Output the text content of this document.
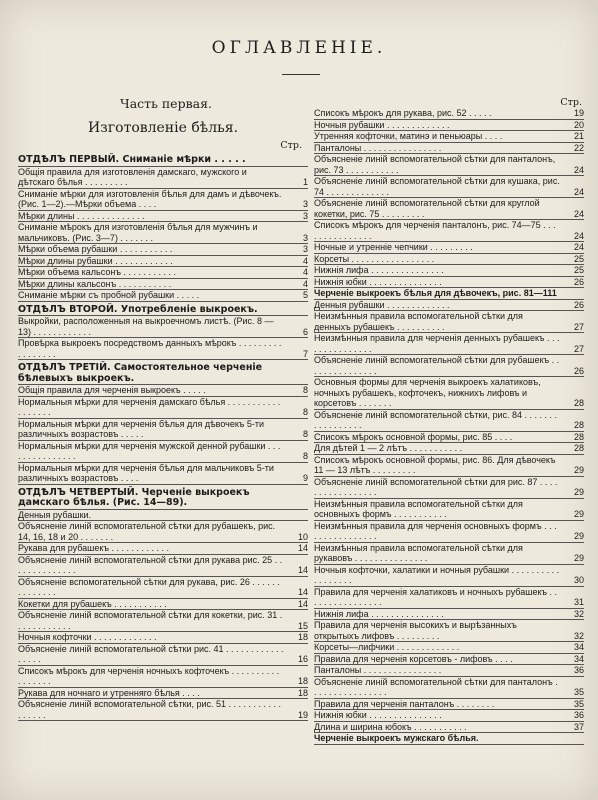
ОГЛАВЛЕНІЕ.
Часть первая.
Изготовленіе бѣлья.
Стр.
ОТДѢЛЪ ПЕРВЫЙ. Сниманіе мѣрки . . . . .
Общія правила для изготовленія дамскаго, мужского и дѣтскаго бѣлья . . . . . . . . .	1
Сниманіе мѣрки для изготовленія бѣлья для дамъ и дѣвочекъ. (Рис. 1—2).—Мѣрки объема . . . .	3
Мѣрки длины . . . . . . . . . . . . . .	3
Сниманіе мѣрокъ для изготовленія бѣлья для мужчинъ и мальчиковъ. (Рис. 3—7) . . . . . . .	3
Мѣрки объема рубашки . . . . . . . . . . .	3
Мѣрки длины рубашки . . . . . . . . . . . .	4
Мѣрки объема кальсонъ . . . . . . . . . . .	4
Мѣрки длины кальсонъ . . . . . . . . . . .	4
Сниманіе мѣрки съ пробной рубашки . . . . .	5
ОТДѢЛЪ ВТОРОЙ. Употребленіе выкроекъ.
Выкройки, расположенныя на выкроечномъ листѣ. (Рис. 8 — 13) . . . . . . . . . . . .	6
Провѣрка выкроекъ посредствомъ данныхъ мѣрокъ . . . . . . . . . . . . . . . . .	7
ОТДѢЛЪ ТРЕТІЙ. Самостоятельное черченіе бѣлевыхъ выкроекъ.
Общія правила для черченія выкроекъ . . . . .	8
Нормальныя мѣрки для черченія дамскаго бѣлья . . . . . . . . . . . . . . . . . .	8
Нормальныя мѣрки для черченія бѣлья для дѣвочекъ 5-ти различныхъ возрастовъ . . . . .	8
Нормальныя мѣрки для черченія мужской денной рубашки . . . . . . . . . . . . . . .	8
Нормальныя мѣрки для черченія бѣлья для мальчиковъ 5-ти различныхъ возрастовъ . . . .	9
ОТДѢЛЪ ЧЕТВЕРТЫЙ. Черченіе выкроекъ дамскаго бѣлья. (Рис. 14—89).
Денныя рубашки.
Объясненіе линій вспомогательной сѣтки для рубашекъ, рис. 14, 16, 18 и 20 . . . . . . .	10
Рукава для рубашекъ . . . . . . . . . . . .	14
Объясненіе линій вспомогательной сѣтки для рукава рис. 25 . . . . . . . . . . . . . .	14
Объясненіе вспомогательной сѣтки для рукава, рис. 26 . . . . . . . . . . . . . .	14
Кокетки для рубашекъ . . . . . . . . . . .	14
Объясненіе линій вспомогательной сѣтки для кокетки, рис. 31 . . . . . . . . . . . .	15
Ночныя кофточки . . . . . . . . . . . . .	18
Объясненіе линій вспомогательной сѣтки рис. 41 . . . . . . . . . . . . . . . . .	16
Списокъ мѣрокъ для черченія ночныхъ кофточекъ . . . . . . . . . . . . . . . . .	18
Рукава для ночнаго и утренняго бѣлья . . . .	18
Объясненіе линій вспомогательной сѣтки, рис. 51 . . . . . . . . . . . . . . . . .	19
Стр.
Списокъ мѣрокъ для рукава, рис. 52 . . . . .	19
Ночныя рубашки . . . . . . . . . . . . .	20
Утренняя кофточки, матинэ и пеньюары . . . .	21
Панталоны . . . . . . . . . . . . . . . .	22
Объясненіе линій вспомогательной сѣтки для панталонъ, рис. 73 . . . . . . . . . . .	24
Объясненіе линій вспомогательной сѣтки для кушака, рис. 74 . . . . . . . . . . . . .	24
Объясненіе линій вспомогательной сѣтки для круглой кокетки, рис. 75 . . . . . . . . .	24
Списокъ мѣрокъ для черченія панталонъ, рис. 74—75 . . . . . . . . . . . . . . .	24
Ночные и утренніе чепчики . . . . . . . . .	24
Корсеты . . . . . . . . . . . . . . . . .	25
Нижнія лифа . . . . . . . . . . . . . . .	25
Нижнія юбки . . . . . . . . . . . . . . .	26
Черченіе выкроекъ бѣлья для дѣвочекъ, рис. 81—111
Денныя рубашки . . . . . . . . . . . . .	26
Неизмѣнныя правила вспомогательной сѣтки для денныхъ рубашекъ . . . . . . . . . .	27
Неизмѣнныя правила для черченія денныхъ рубашекъ . . . . . . . . . . . . . . .	27
Объясненіе линій вспомогательной сѣтки для рубашекъ . . . . . . . . . . . . . . .	26
Основныя формы для черченія выкроекъ халатиковъ, ночныхъ рубашекъ, кофточекъ, нижнихъ лифовъ и корсетовъ . . . . . . .	28
Объясненіе линій вспомогательной сѣтки, рис. 84 . . . . . . . . . . . . . . . . .	28
Списокъ мѣрокъ основной формы, рис. 85 . . . .	28
Для дѣтей 1 — 2 лѣтъ . . . . . . . . . . .	28
Списокъ мѣрокъ основной формы, рис. 86. Для дѣвочекъ 11 — 13 лѣтъ . . . . . . . . .	29
Объясненіе линій вспомогательной сѣтки для рис. 87 . . . . . . . . . . . . . . . . .	29
Неизмѣнныя правила вспомогательной сѣтки для основныхъ формъ . . . . . . . . . . .	29
Неизмѣнныя правила для черченія основныхъ формъ . . . . . . . . . . . . . . . .	29
Неизмѣнныя правила вспомогательной сѣтки для рукавовъ . . . . . . . . . . . . . . .	29
Ночныя кофточки, халатики и ночныя рубашки . . . . . . . . . . . . . . . . . .	30
Правила для черченія халатиковъ и ночныхъ рубашекъ . . . . . . . . . . . . . . . .	31
Нижнія лифа . . . . . . . . . . . . . . .	32
Правила для черченія высокихъ и вырѣзанныхъ открытыхъ лифовъ . . . . . . . . .	32
Корсеты—лифчики . . . . . . . . . . . . .	34
Правила для черченія корсетовъ - лифовъ . . . .	34
Панталоны . . . . . . . . . . . . . . . .	36
Объясненіе линій вспомогательной сѣтки для панталонъ . . . . . . . . . . . . . . . .	35
Правила для черченія панталонъ . . . . . . . .	35
Нижнія юбки . . . . . . . . . . . . . . .	36
Длина и ширина юбокъ . . . . . . . . . . .	37
Черченіе выкроекъ мужскаго бѣлья.
